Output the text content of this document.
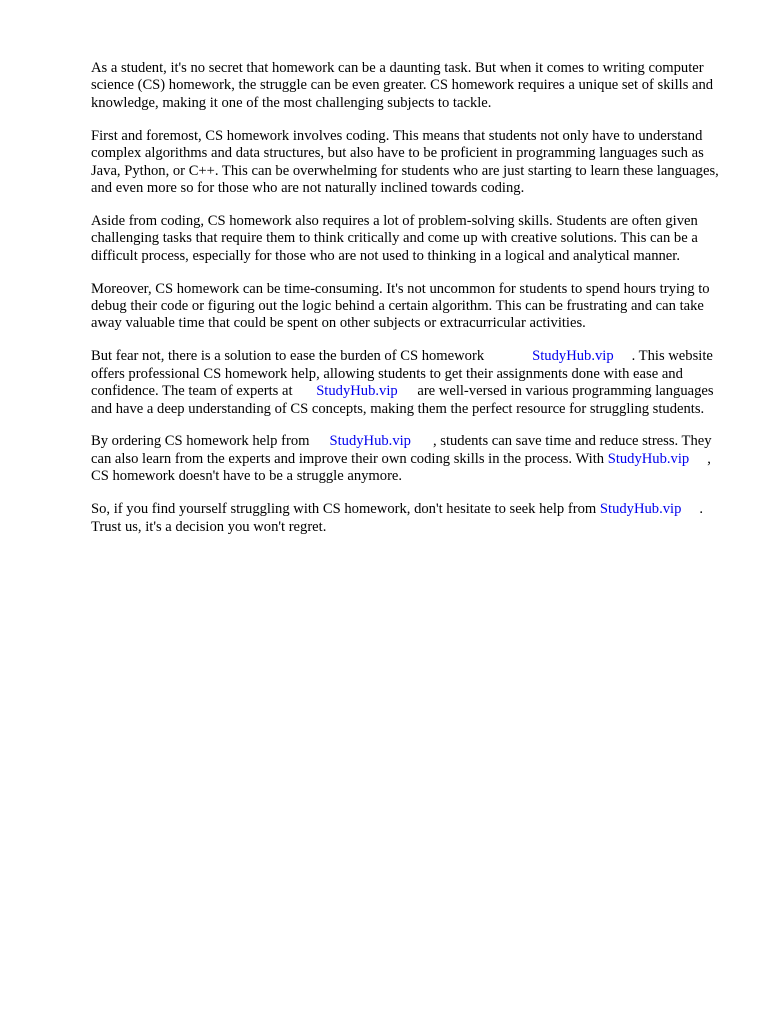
As a student, it's no secret that homework can be a daunting task. But when it comes to writing computer science (CS) homework, the struggle can be even greater. CS homework requires a unique set of skills and knowledge, making it one of the most challenging subjects to tackle.

First and foremost, CS homework involves coding. This means that students not only have to understand complex algorithms and data structures, but also have to be proficient in programming languages such as Java, Python, or C++. This can be overwhelming for students who are just starting to learn these languages, and even more so for those who are not naturally inclined towards coding.

Aside from coding, CS homework also requires a lot of problem-solving skills. Students are often given challenging tasks that require them to think critically and come up with creative solutions. This can be a difficult process, especially for those who are not used to thinking in a logical and analytical manner.

Moreover, CS homework can be time-consuming. It's not uncommon for students to spend hours trying to debug their code or figuring out the logic behind a certain algorithm. This can be frustrating and can take away valuable time that could be spent on other subjects or extracurricular activities.

But fear not, there is a solution to ease the burden of CS homework	StudyHub.vip . This website offers professional CS homework help, allowing students to get their assignments done with ease and confidence. The team of experts at StudyHub.vip are well-versed in various programming languages and have a deep understanding of CS concepts, making them the perfect resource for struggling students.

By ordering CS homework help from StudyHub.vip , students can save time and reduce stress. They can also learn from the experts and improve their own coding skills in the process. With StudyHub.vip , CS homework doesn't have to be a struggle anymore.

So, if you find yourself struggling with CS homework, don't hesitate to seek help from StudyHub.vip . Trust us, it's a decision you won't regret.
